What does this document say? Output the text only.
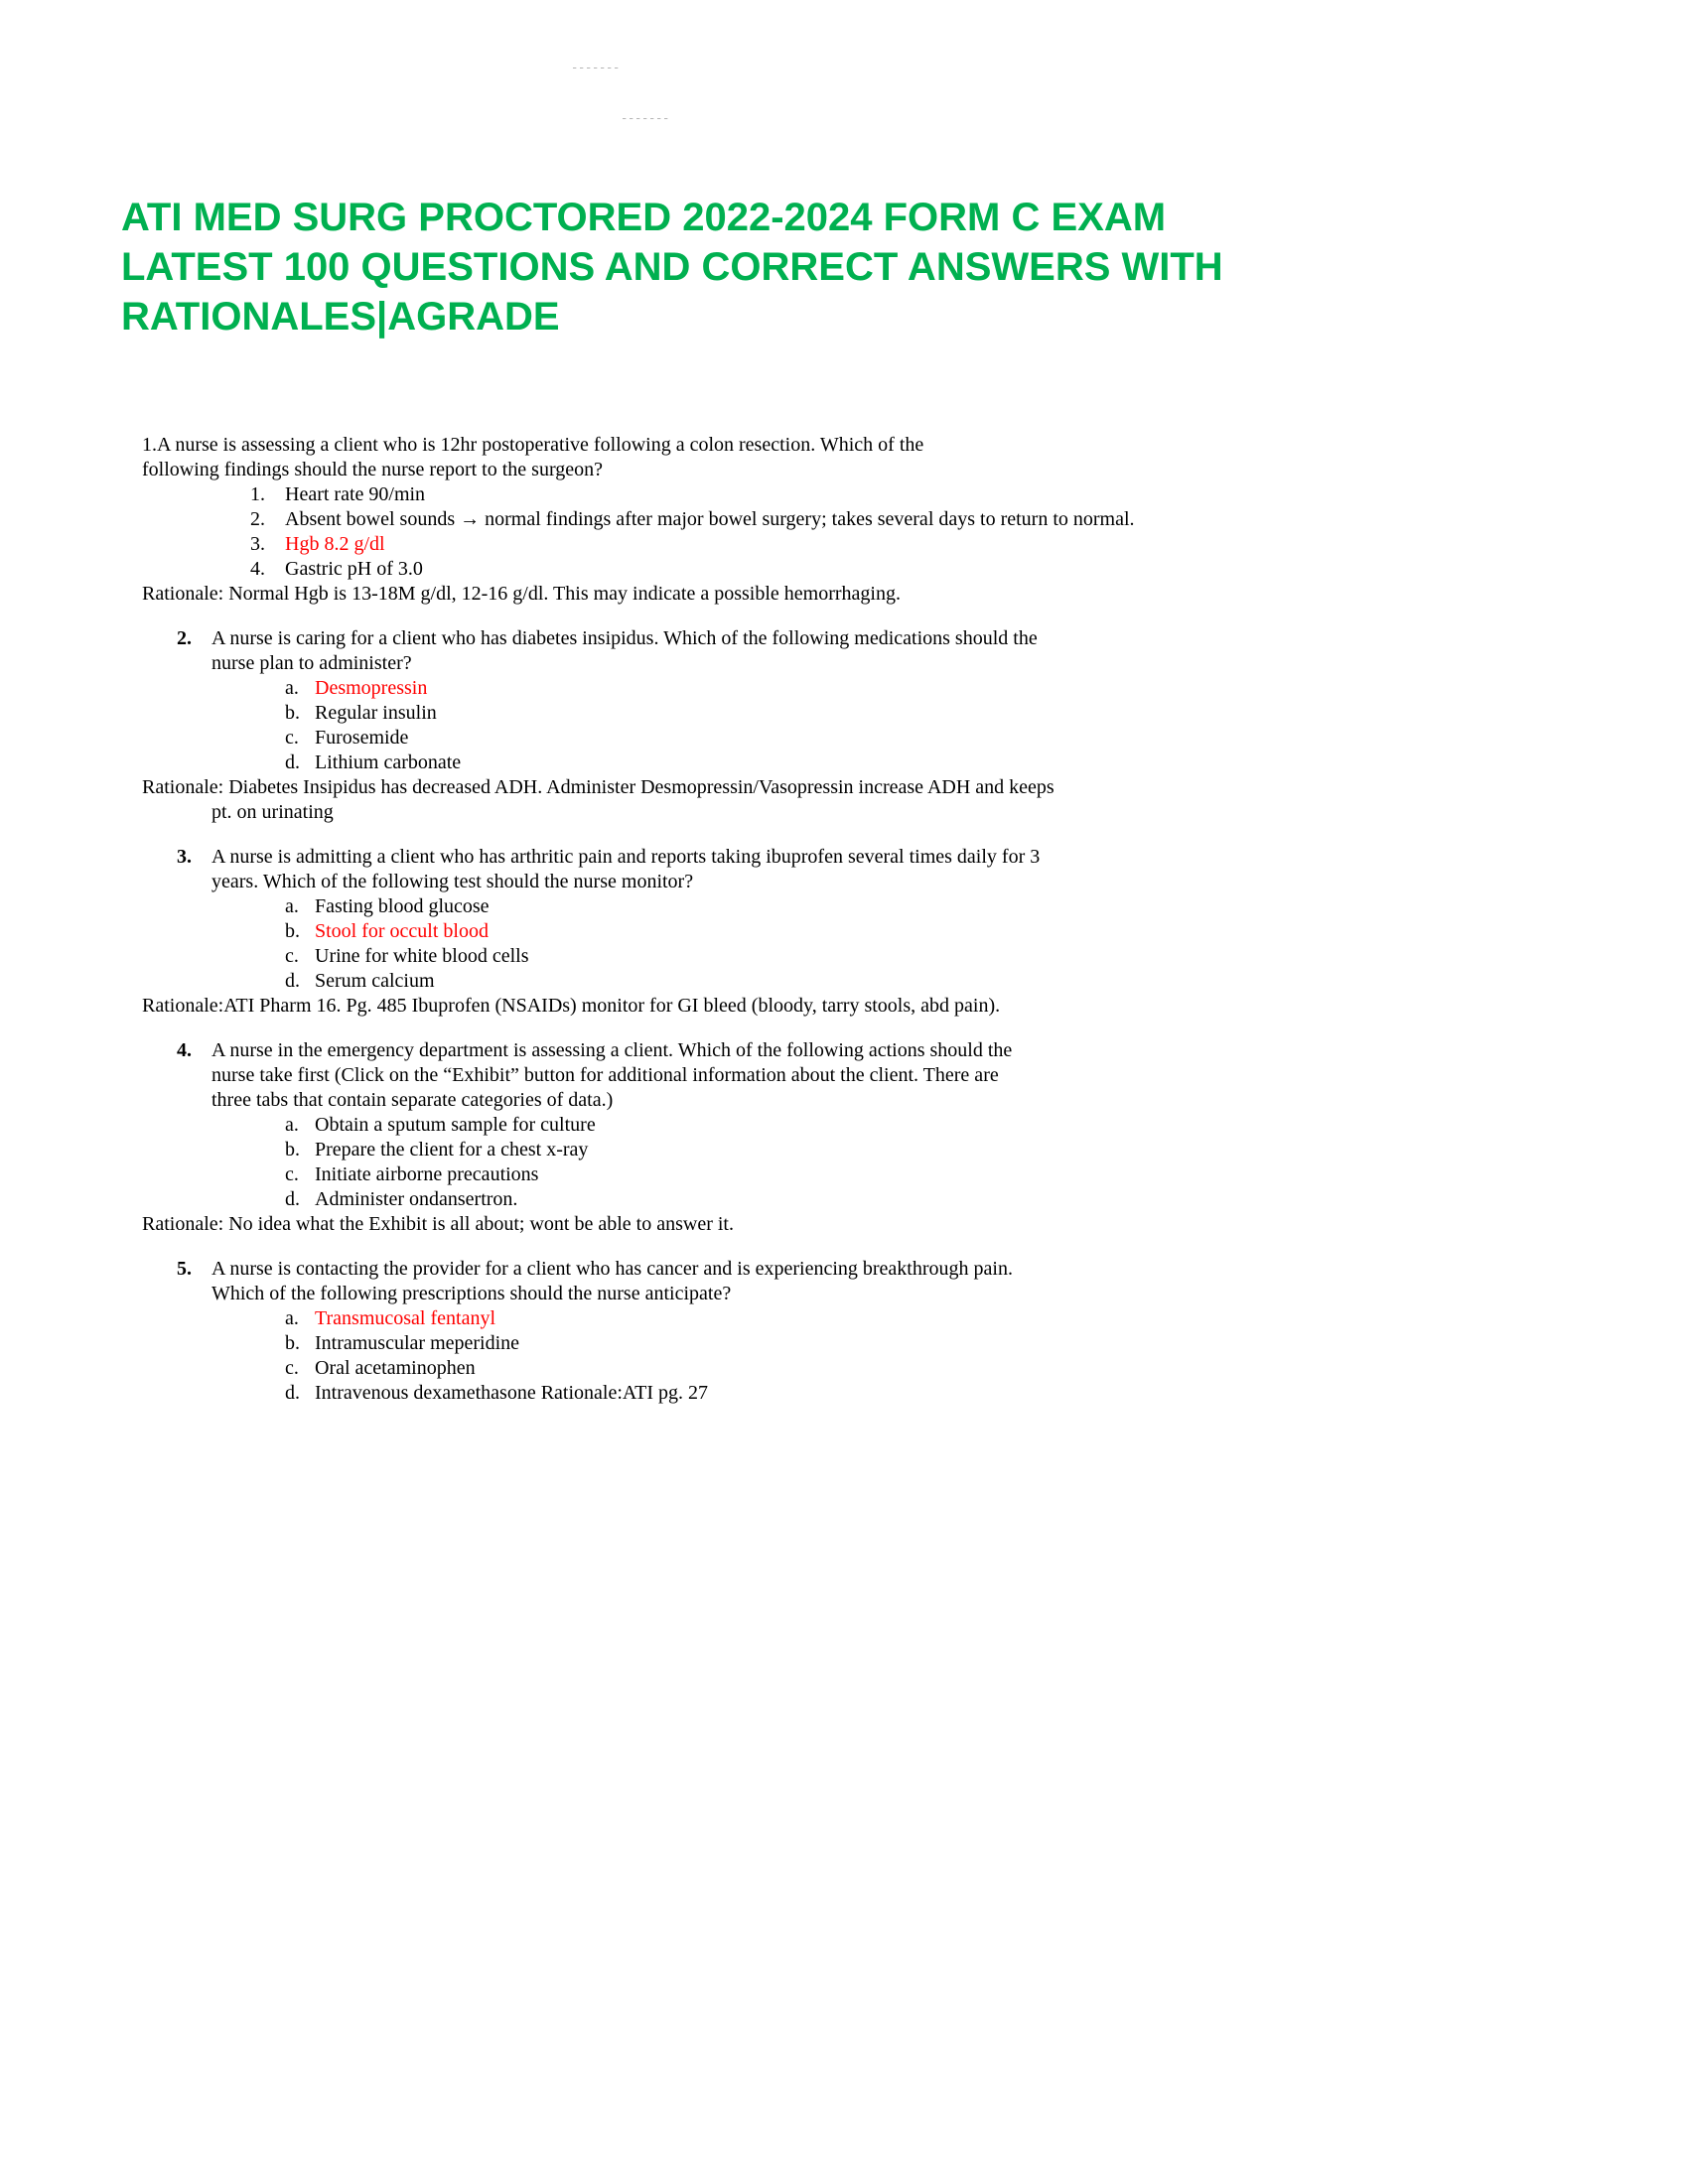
– – – – – – –
– – – – – – –
ATI MED SURG PROCTORED 2022-2024 FORM C EXAM
LATEST 100 QUESTIONS AND CORRECT ANSWERS WITH
RATIONALES|AGRADE
1.A nurse is assessing a client who is 12hr postoperative following a colon resection. Which of the
following findings should the nurse report to the surgeon?
1.	Heart rate 90/min
2.	Absent bowel sounds → normal findings after major bowel surgery; takes several days to return to normal.
3.	Hgb 8.2 g/dl
4.	Gastric pH of 3.0
Rationale: Normal Hgb is 13-18M g/dl, 12-16 g/dl. This may indicate a possible hemorrhaging.
2.	A nurse is caring for a client who has diabetes insipidus. Which of the following medications should the
nurse plan to administer?
a. Desmopressin
b. Regular insulin
c. Furosemide
d. Lithium carbonate
Rationale: Diabetes Insipidus has decreased ADH. Administer Desmopressin/Vasopressin increase ADH and keeps
pt. on urinating
3.	A nurse is admitting a client who has arthritic pain and reports taking ibuprofen several times daily for 3
years. Which of the following test should the nurse monitor?
a. Fasting blood glucose
b. Stool for occult blood
c. Urine for white blood cells
d. Serum calcium
Rationale:ATI Pharm 16. Pg. 485 Ibuprofen (NSAIDs) monitor for GI bleed (bloody, tarry stools, abd pain).
4.	A nurse in the emergency department is assessing a client. Which of the following actions should the
nurse take first (Click on the “Exhibit” button for additional information about the client. There are
three tabs that contain separate categories of data.)
a. Obtain a sputum sample for culture
b. Prepare the client for a chest x-ray
c. Initiate airborne precautions
d. Administer ondansertron.
Rationale: No idea what the Exhibit is all about; wont be able to answer it.
5.	A nurse is contacting the provider for a client who has cancer and is experiencing breakthrough pain.
Which of the following prescriptions should the nurse anticipate?
a. Transmucosal fentanyl
b. Intramuscular meperidine
c. Oral acetaminophen
d. Intravenous dexamethasone Rationale:ATI pg. 27
